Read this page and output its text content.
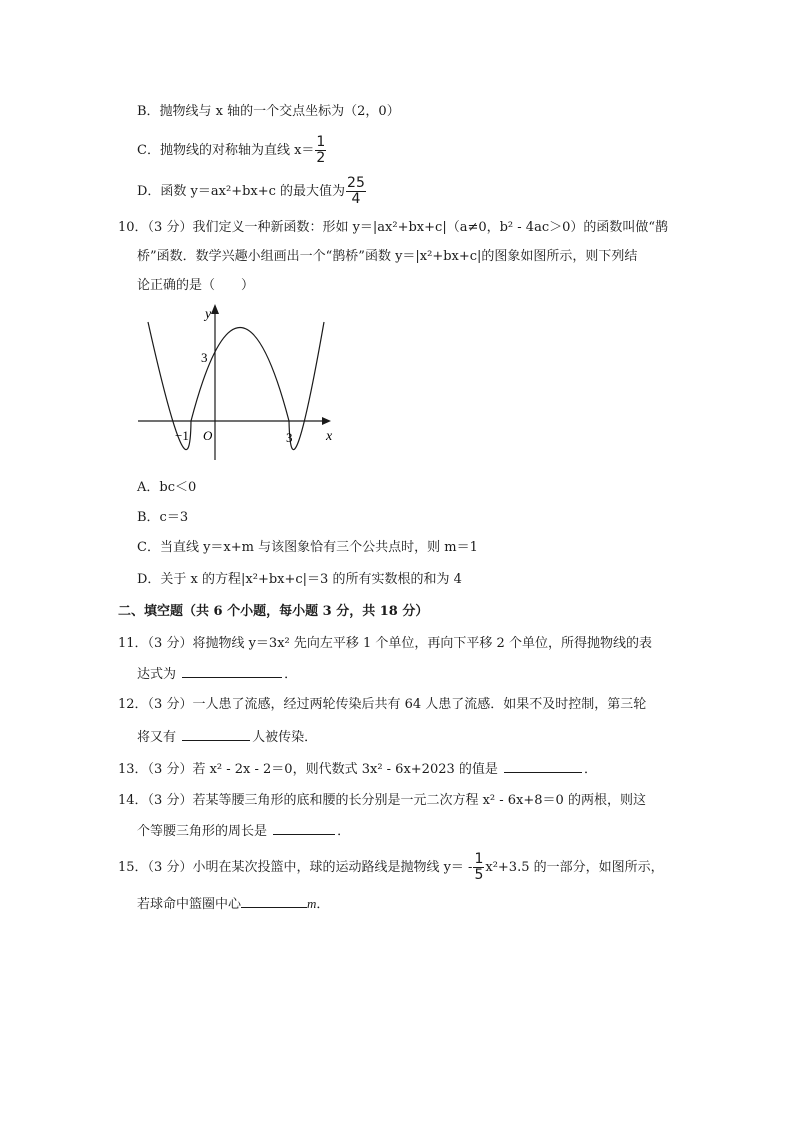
B．抛物线与 x 轴的一个交点坐标为（2，0）
C．抛物线的对称轴为直线 $x= \frac{1}{2}$
D．函数 y＝ax²+bx+c 的最大值为 $\frac{25}{4}$
10．（3 分）我们定义一种新函数：形如 y＝|ax²+bx+c|（a≠0，b² - 4ac＞0）的函数叫做“鹊
桥”函数．数学兴趣小组画出一个“鹊桥”函数 y＝|x²+bx+c|的图象如图所示，则下列结
论正确的是（　　）
y
x
3
O
−1	3
A．bc＜0
B．c＝3
C．当直线 y＝x+m 与该图象恰有三个公共点时，则 m＝1
D．关于 x 的方程|x²+bx+c|＝3 的所有实数根的和为 4
二、填空题（共 6 个小题，每小题 3 分，共 18 分）
11．（3 分）将抛物线 y＝3x² 先向左平移 1 个单位，再向下平移 2 个单位，所得抛物线的表
达式为	．
12．（3 分）一人患了流感，经过两轮传染后共有 64 人患了流感．如果不及时控制，第三轮
将又有	人被传染．
13．（3 分）若 x² - 2x - 2＝0，则代数式 3x² - 6x+2023 的值是	．
14．（3 分）若某等腰三角形的底和腰的长分别是一元二次方程 x² - 6x+8＝0 的两根，则这
个等腰三角形的周长是	．
15．（3 分）小明在某次投篮中，球的运动路线是抛物线 $y= - \frac{1}{5} x^2+3.5$ 的一部分，如图所示，
若球命中篮圈中心	m．
